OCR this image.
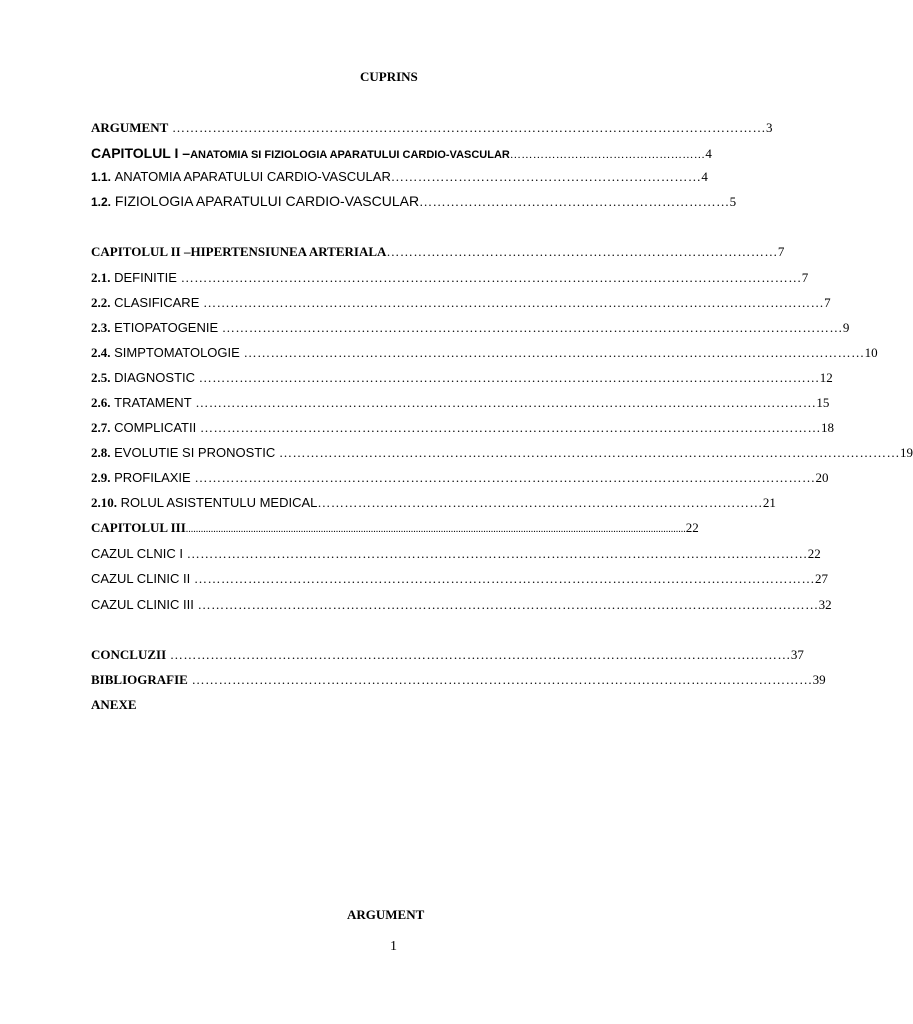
CUPRINS
ARGUMENT …………………………………………………………………………………………………………………… 3
CAPITOLUL I – ANATOMIA SI FIZIOLOGIA APARATULUI CARDIO-VASCULAR …………………………………………… 4
1.1.
ANATOMIA APARATULUI CARDIO-VASCULAR …………………………………………………………… 4
1.2.
FIZIOLOGIA APARATULUI CARDIO-VASCULAR …………………………………………………………… 5
CAPITOLUL II –HIPERTENSIUNEA ARTERIALA …………………………………………………………………………… 7
2.1.
DEFINITIE ………………………………………………………………………………………………………………………… 7
2.2.
CLASIFICARE ………………………………………………………………………………………………………………………… 7
2.3.
ETIOPATOGENIE ………………………………………………………………………………………………………………………… 9
2.4.
SIMPTOMATOLOGIE ………………………………………………………………………………………………………………………… 10
2.5.
DIAGNOSTIC ………………………………………………………………………………………………………………………… 12
2.6.
TRATAMENT ………………………………………………………………………………………………………………………… 15
2.7.
COMPLICATII ………………………………………………………………………………………………………………………… 18
2.8.
EVOLUTIE SI PRONOSTIC ………………………………………………………………………………………………………………………… 19
2.9.
PROFILAXIE ………………………………………………………………………………………………………………………… 20
2.10.
ROLUL ASISTENTULU MEDICAL ……………………………………………………………………………………… 21
CAPITOLUL III ........................................................................................................................................................................................................ 22
CAZUL CLNIC I ………………………………………………………………………………………………………………………… 22
CAZUL CLINIC II ………………………………………………………………………………………………………………………… 27
CAZUL CLINIC III ………………………………………………………………………………………………………………………… 32
CONCLUZII ………………………………………………………………………………………………………………………… 37
BIBLIOGRAFIE ………………………………………………………………………………………………………………………… 39
ANEXE
ARGUMENT
1
